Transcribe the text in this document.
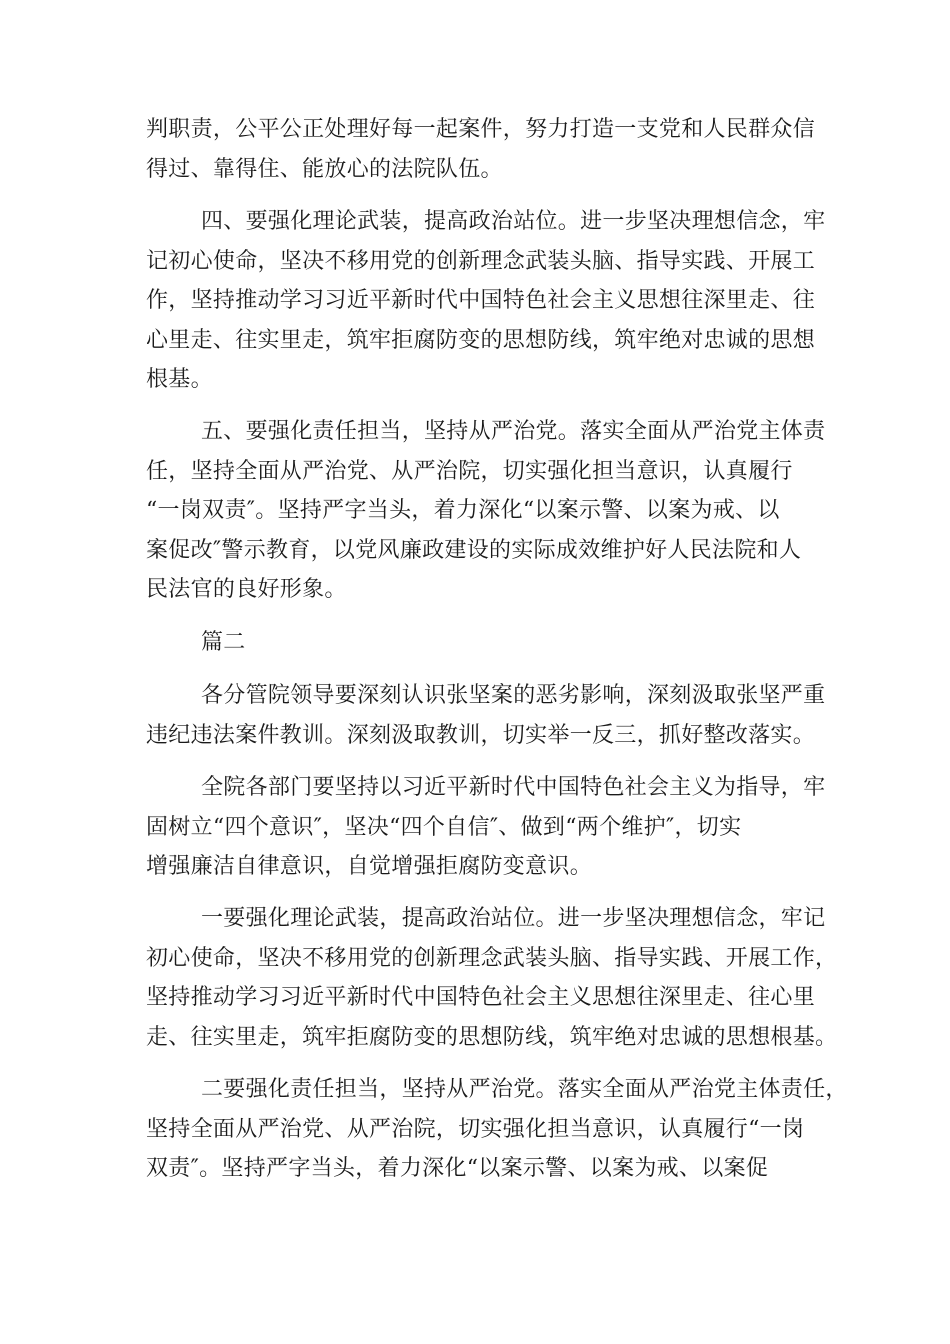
判职责，公平公正处理好每一起案件，努力打造一支党和人民群众信
得过、靠得住、能放心的法院队伍。

四、要强化理论武装，提高政治站位。进一步坚决理想信念，牢
记初心使命，坚决不移用党的创新理念武装头脑、指导实践、开展工
作，坚持推动学习习近平新时代中国特色社会主义思想往深里走、往
心里走、往实里走，筑牢拒腐防变的思想防线，筑牢绝对忠诚的思想
根基。

五、要强化责任担当，坚持从严治党。落实全面从严治党主体责
任，坚持全面从严治党、从严治院，切实强化担当意识，认真履行
“一岗双责″。坚持严字当头，着力深化“以案示警、以案为戒、以
案促改″警示教育，以党风廉政建设的实际成效维护好人民法院和人
民法官的良好形象。

篇二

各分管院领导要深刻认识张坚案的恶劣影响，深刻汲取张坚严重
违纪违法案件教训。深刻汲取教训，切实举一反三，抓好整改落实。

全院各部门要坚持以习近平新时代中国特色社会主义为指导，牢
固树立“四个意识″，坚决“四个自信″、做到“两个维护″，切实
增强廉洁自律意识，自觉增强拒腐防变意识。

一要强化理论武装，提高政治站位。进一步坚决理想信念，牢记
初心使命，坚决不移用党的创新理念武装头脑、指导实践、开展工作，
坚持推动学习习近平新时代中国特色社会主义思想往深里走、往心里
走、往实里走，筑牢拒腐防变的思想防线，筑牢绝对忠诚的思想根基。

二要强化责任担当，坚持从严治党。落实全面从严治党主体责任，
坚持全面从严治党、从严治院，切实强化担当意识，认真履行“一岗
双责″。坚持严字当头，着力深化“以案示警、以案为戒、以案促
